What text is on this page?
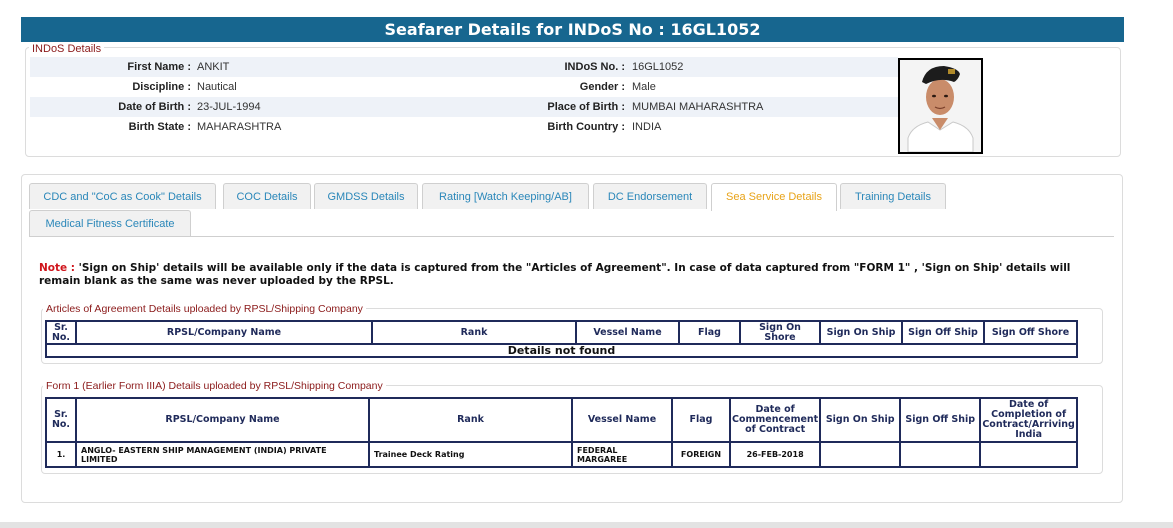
Seafarer Details for INDoS No : 16GL1052
INDoS Details
First Name : ANKIT	INDoS No. : 16GL1052
Discipline : Nautical	Gender : Male
Date of Birth : 23-JUL-1994	Place of Birth : MUMBAI MAHARASHTRA
Birth State : MAHARASHTRA	Birth Country : INDIA
CDC and "CoC as Cook" Details	COC Details	GMDSS Details	Rating [Watch Keeping/AB]	DC Endorsement	Sea Service Details	Training Details
Medical Fitness Certificate
Note : 'Sign on Ship' details will be available only if the data is captured from the "Articles of Agreement". In case of data captured from "FORM 1" , 'Sign on Ship' details will remain blank as the same was never uploaded by the RPSL.
Articles of Agreement Details uploaded by RPSL/Shipping Company
Sr. No.	RPSL/Company Name	Rank	Vessel Name	Flag	Sign On Shore	Sign On Ship	Sign Off Ship	Sign Off Shore
Details not found
Form 1 (Earlier Form IIIA) Details uploaded by RPSL/Shipping Company
Sr. No.	RPSL/Company Name	Rank	Vessel Name	Flag	Date of Commencement of Contract	Sign On Ship	Sign Off Ship	Date of Completion of Contract/Arriving India
1.	ANGLO- EASTERN SHIP MANAGEMENT (INDIA) PRIVATE LIMITED	Trainee Deck Rating	FEDERAL MARGAREE	FOREIGN	26-FEB-2018			
